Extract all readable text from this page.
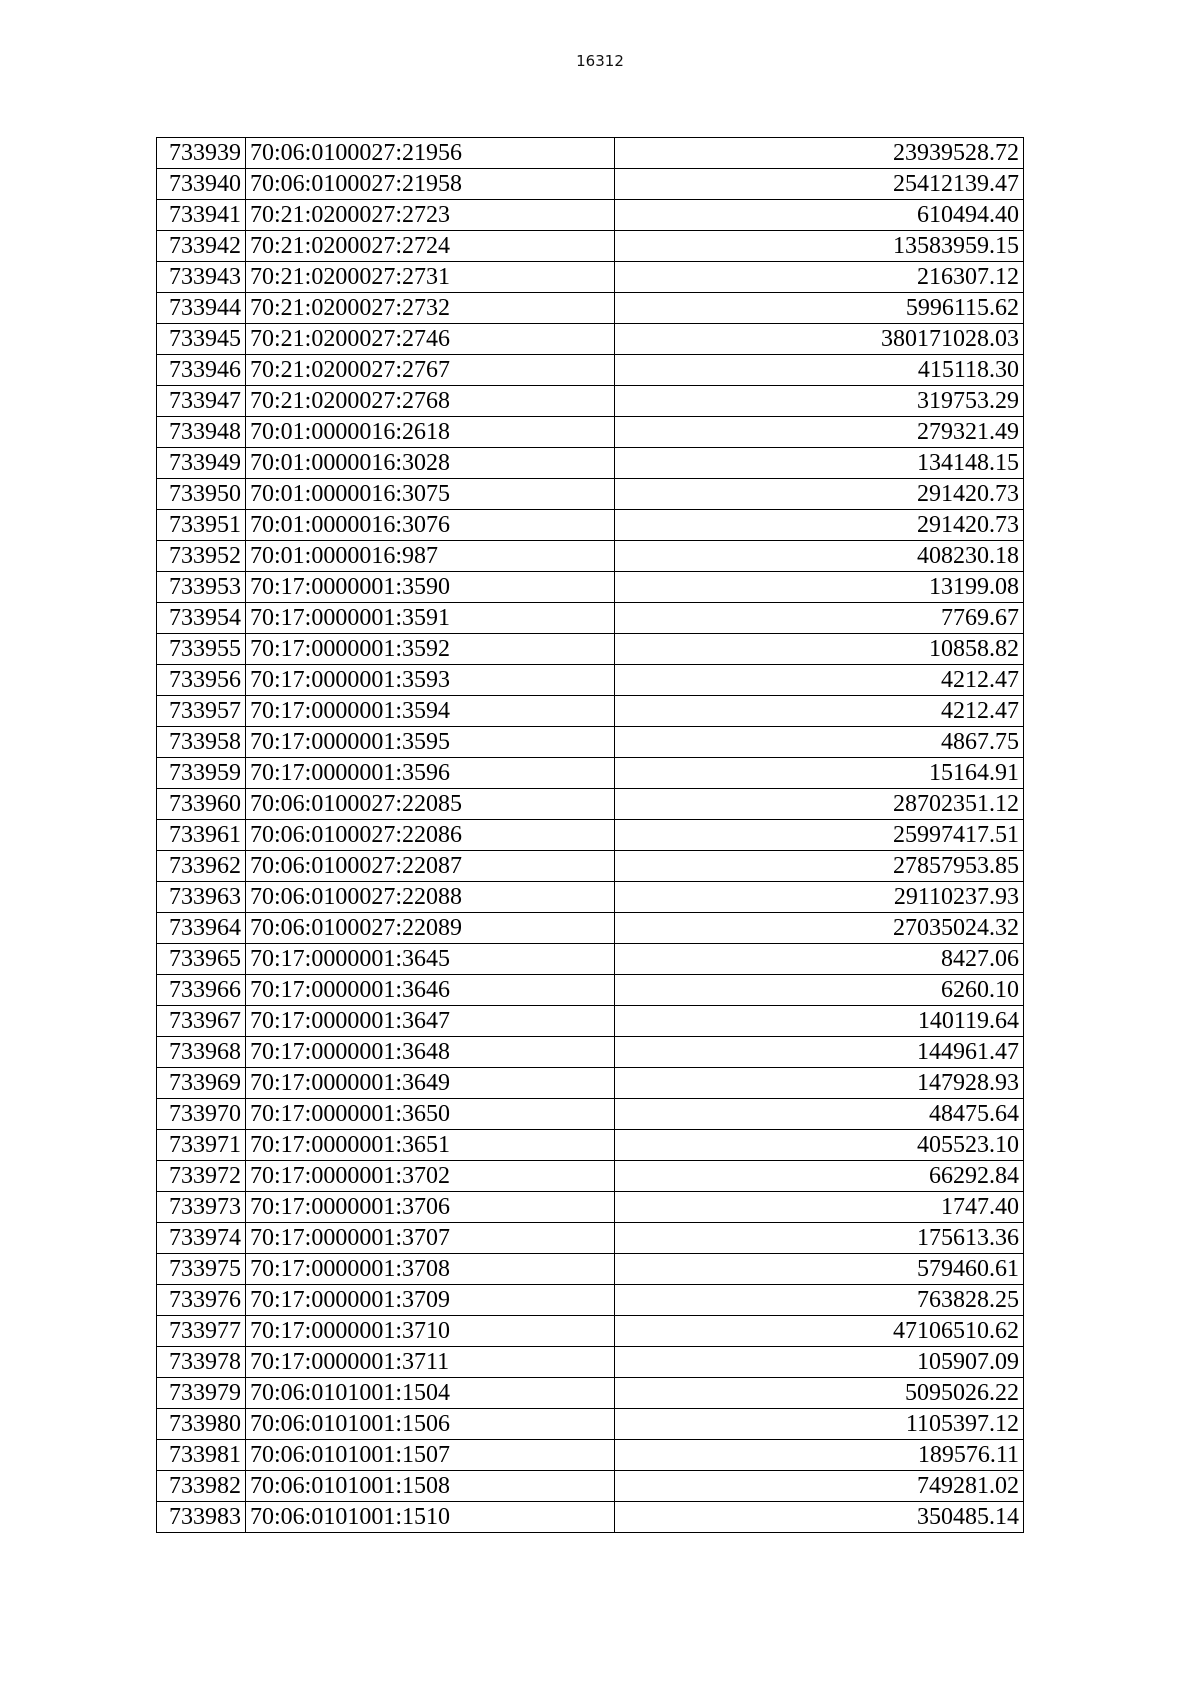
16312
733939	70:06:0100027:21956	23939528.72
733940	70:06:0100027:21958	25412139.47
733941	70:21:0200027:2723	610494.40
733942	70:21:0200027:2724	13583959.15
733943	70:21:0200027:2731	216307.12
733944	70:21:0200027:2732	5996115.62
733945	70:21:0200027:2746	380171028.03
733946	70:21:0200027:2767	415118.30
733947	70:21:0200027:2768	319753.29
733948	70:01:0000016:2618	279321.49
733949	70:01:0000016:3028	134148.15
733950	70:01:0000016:3075	291420.73
733951	70:01:0000016:3076	291420.73
733952	70:01:0000016:987	408230.18
733953	70:17:0000001:3590	13199.08
733954	70:17:0000001:3591	7769.67
733955	70:17:0000001:3592	10858.82
733956	70:17:0000001:3593	4212.47
733957	70:17:0000001:3594	4212.47
733958	70:17:0000001:3595	4867.75
733959	70:17:0000001:3596	15164.91
733960	70:06:0100027:22085	28702351.12
733961	70:06:0100027:22086	25997417.51
733962	70:06:0100027:22087	27857953.85
733963	70:06:0100027:22088	29110237.93
733964	70:06:0100027:22089	27035024.32
733965	70:17:0000001:3645	8427.06
733966	70:17:0000001:3646	6260.10
733967	70:17:0000001:3647	140119.64
733968	70:17:0000001:3648	144961.47
733969	70:17:0000001:3649	147928.93
733970	70:17:0000001:3650	48475.64
733971	70:17:0000001:3651	405523.10
733972	70:17:0000001:3702	66292.84
733973	70:17:0000001:3706	1747.40
733974	70:17:0000001:3707	175613.36
733975	70:17:0000001:3708	579460.61
733976	70:17:0000001:3709	763828.25
733977	70:17:0000001:3710	47106510.62
733978	70:17:0000001:3711	105907.09
733979	70:06:0101001:1504	5095026.22
733980	70:06:0101001:1506	1105397.12
733981	70:06:0101001:1507	189576.11
733982	70:06:0101001:1508	749281.02
733983	70:06:0101001:1510	350485.14
